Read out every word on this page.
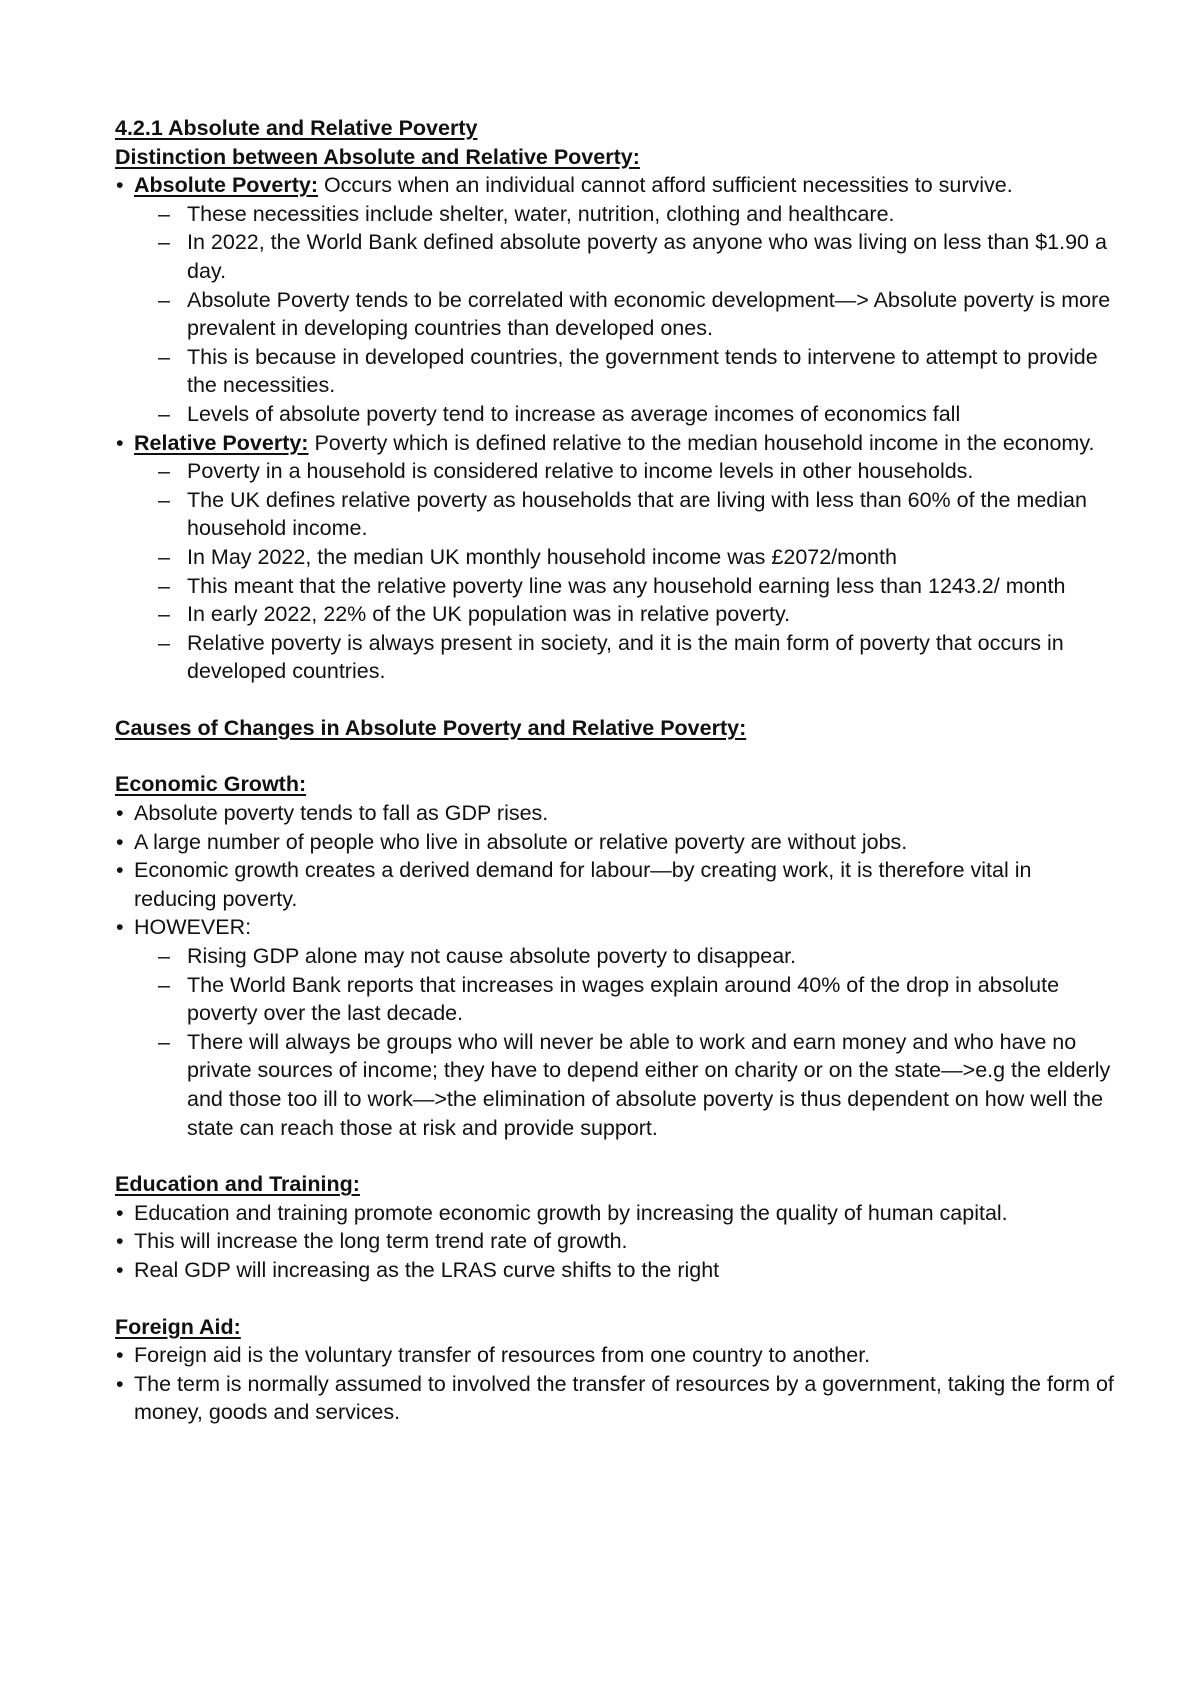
4.2.1 Absolute and Relative Poverty
Distinction between Absolute and Relative Poverty:
• Absolute Poverty: Occurs when an individual cannot afford sufficient necessities to survive.
– These necessities include shelter, water, nutrition, clothing and healthcare.
– In 2022, the World Bank defined absolute poverty as anyone who was living on less than $1.90 a day.
– Absolute Poverty tends to be correlated with economic development—> Absolute poverty is more prevalent in developing countries than developed ones.
– This is because in developed countries, the government tends to intervene to attempt to provide the necessities.
– Levels of absolute poverty tend to increase as average incomes of economics fall
• Relative Poverty: Poverty which is defined relative to the median household income in the economy.
– Poverty in a household is considered relative to income levels in other households.
– The UK defines relative poverty as households that are living with less than 60% of the median household income.
– In May 2022, the median UK monthly household income was £2072/month
– This meant that the relative poverty line was any household earning less than 1243.2/ month
– In early 2022, 22% of the UK population was in relative poverty.
– Relative poverty is always present in society, and it is the main form of poverty that occurs in developed countries.
Causes of Changes in Absolute Poverty and Relative Poverty:
Economic Growth:
• Absolute poverty tends to fall as GDP rises.
• A large number of people who live in absolute or relative poverty are without jobs.
• Economic growth creates a derived demand for labour—by creating work, it is therefore vital in reducing poverty.
• HOWEVER:
– Rising GDP alone may not cause absolute poverty to disappear.
– The World Bank reports that increases in wages explain around 40% of the drop in absolute poverty over the last decade.
– There will always be groups who will never be able to work and earn money and who have no private sources of income; they have to depend either on charity or on the state—>e.g the elderly and those too ill to work—>the elimination of absolute poverty is thus dependent on how well the state can reach those at risk and provide support.
Education and Training:
• Education and training promote economic growth by increasing the quality of human capital.
• This will increase the long term trend rate of growth.
• Real GDP will increasing as the LRAS curve shifts to the right
Foreign Aid:
• Foreign aid is the voluntary transfer of resources from one country to another.
• The term is normally assumed to involved the transfer of resources by a government, taking the form of money, goods and services.
